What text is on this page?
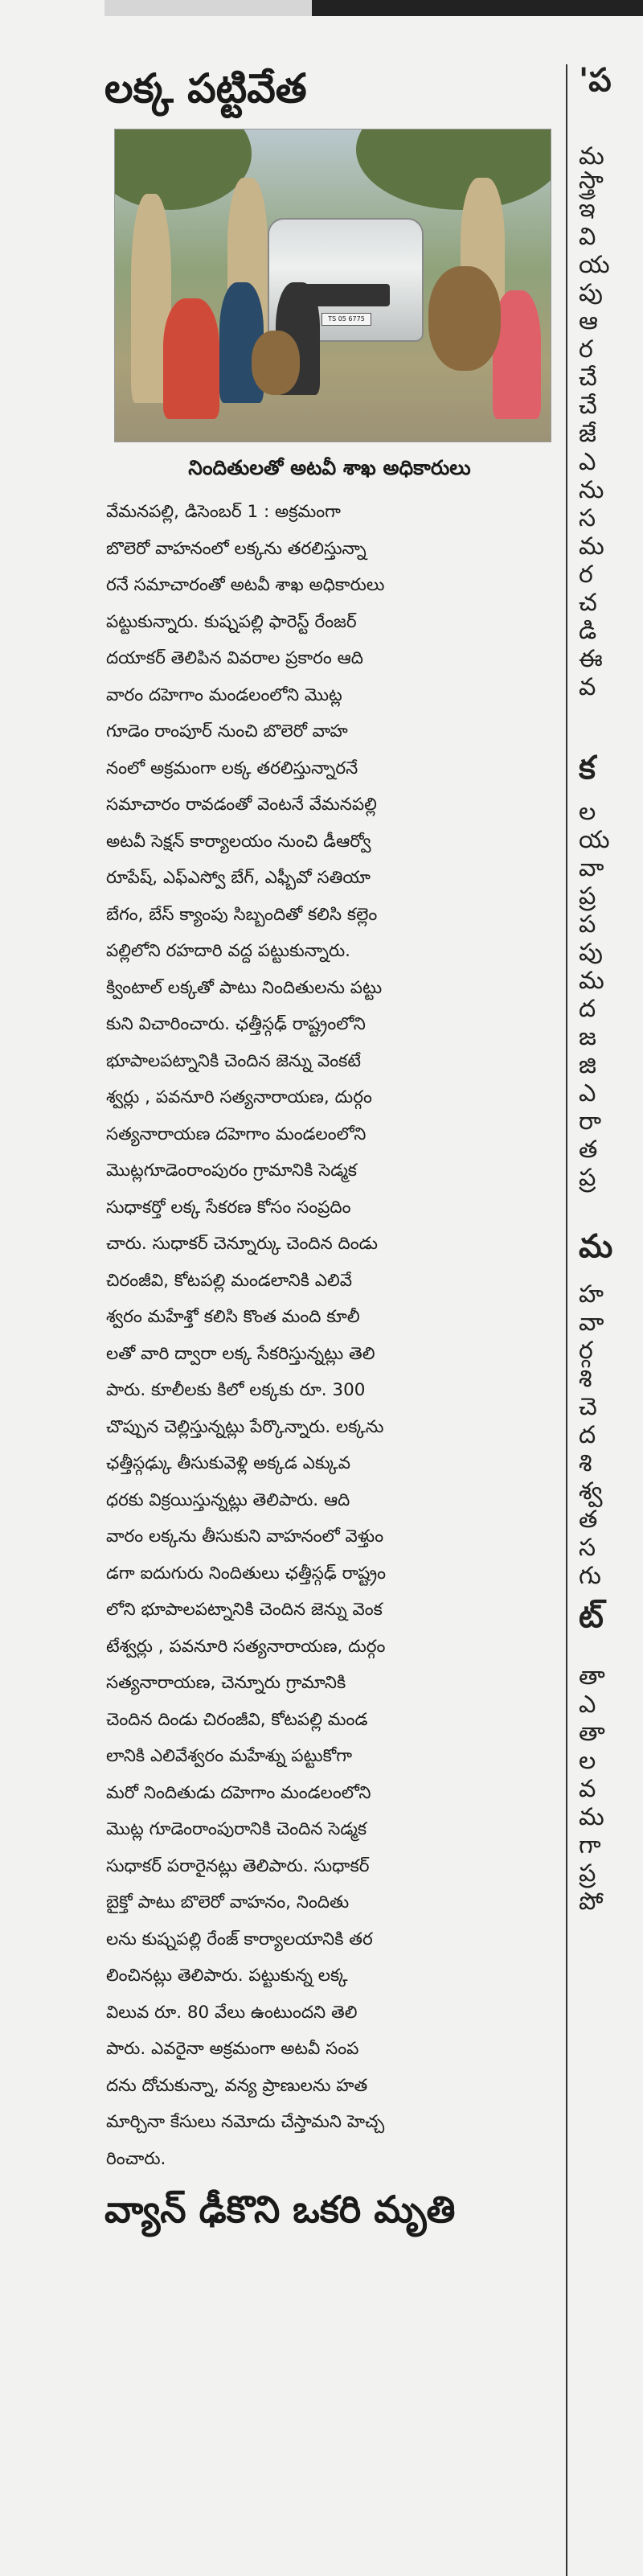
లక్క పట్టివేత
TS 05 6775
నిందితులతో అటవీ శాఖ అధికారులు
వేమనపల్లి, డిసెంబర్ 1 : అక్రమంగా
బొలెరో వాహనంలో లక్కను తరలిస్తున్నా
రనే సమాచారంతో అటవీ శాఖ అధికారులు
పట్టుకున్నారు. కుష్నపల్లి ఫారెస్ట్ రేంజర్
దయాకర్ తెలిపిన వివరాల ప్రకారం ఆది
వారం దహెగాం మండలంలోని మొట్ల
గూడెం రాంపూర్ నుంచి బొలెరో వాహ
నంలో అక్రమంగా లక్క తరలిస్తున్నారనే
సమాచారం రావడంతో వెంటనే వేమనపల్లి
అటవీ సెక్షన్ కార్యాలయం నుంచి డీఆర్వో
రూపేష్, ఎఫ్ఎస్వో బేగ్, ఎఫ్బీవో సతియా
బేగం, బేస్ క్యాంపు సిబ్బందితో కలిసి కల్లెం
పల్లిలోని రహదారి వద్ద పట్టుకున్నారు.
క్వింటాల్ లక్కతో పాటు నిందితులను పట్టు
కుని విచారించారు. ఛత్తీస్గఢ్ రాష్ట్రంలోని
భూపాలపట్నానికి చెందిన జెన్ను వెంకటే
శ్వర్లు , పవనూరి సత్యనారాయణ, దుర్గం
సత్యనారాయణ దహెగాం మండలంలోని
మొట్లగూడెంరాంపురం గ్రామానికి సెడ్మక
సుధాకర్తో లక్క సేకరణ కోసం సంప్రదిం
చారు. సుధాకర్ చెన్నూర్కు చెందిన దిండు
చిరంజీవి, కోటపల్లి మండలానికి ఎలివే
శ్వరం మహేశ్తో కలిసి కొంత మంది కూలీ
లతో వారి ద్వారా లక్క సేకరిస్తున్నట్లు తెలి
పారు. కూలీలకు కిలో లక్కకు రూ. 300
చొప్పున చెల్లిస్తున్నట్లు పేర్కొన్నారు. లక్కను
ఛత్తీస్గఢ్కు తీసుకువెళ్లి అక్కడ ఎక్కువ
ధరకు విక్రయిస్తున్నట్లు తెలిపారు. ఆది
వారం లక్కను తీసుకుని వాహనంలో వెళ్తుం
డగా ఐదుగురు నిందితులు ఛత్తీస్గఢ్ రాష్ట్రం
లోని భూపాలపట్నానికి చెందిన జెన్ను వెంక
టేశ్వర్లు , పవనూరి సత్యనారాయణ, దుర్గం
సత్యనారాయణ, చెన్నూరు గ్రామానికి
చెందిన దిండు చిరంజీవి, కోటపల్లి మండ
లానికి ఎలివేశ్వరం మహేశ్ను పట్టుకోగా
మరో నిందితుడు దహెగాం మండలంలోని
మొట్ల గూడెంరాంపురానికి చెందిన సెడ్మక
సుధాకర్ పరారైనట్లు తెలిపారు. సుధాకర్
బైక్తో పాటు బొలెరో వాహనం, నిందితు
లను కుష్నపల్లి రేంజ్ కార్యాలయానికి తర
లించినట్లు తెలిపారు. పట్టుకున్న లక్క
విలువ రూ. 80 వేలు ఉంటుందని తెలి
పారు. ఎవరైనా అక్రమంగా అటవీ సంప
దను దోచుకున్నా, వన్య ప్రాణులను హత
మార్చినా కేసులు నమోదు చేస్తామని హెచ్చ
రించారు.
వ్యాన్ ఢీకొని ఒకరి మృతి
'ప
మ
స్త్రా
ఇ
వి
య
పు
ఆ
ర
చే
చే
జే
ఎ
ను
స
మ
ర
చ
డి
ఈ
వ
క
ల
య
వా
ప్ర
ప
పు
మ
ద
జ
జి
ఎ
రా
త
ప్ర
మ
హ
వా
ర్గ
శి
చె
ద
శి
శ్వ
త
స
గు
ట్
తా
ఎ
తా
ల
వ
మ
గా
ప్ర
పో
